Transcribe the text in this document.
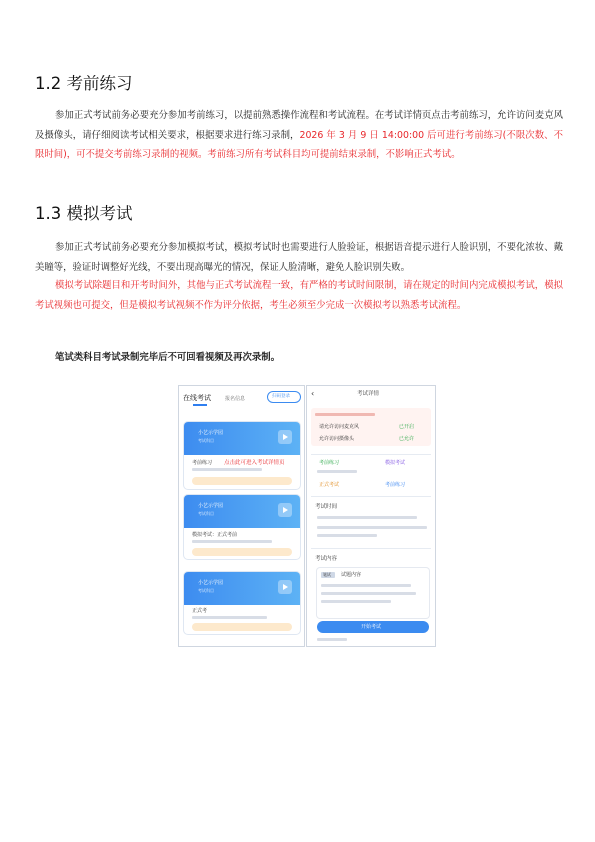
1.2 考前练习

参加正式考试前务必要充分参加考前练习，以提前熟悉操作流程和考试流程。在考试详情页点击考前练习，允许访问麦克风及摄像头，请仔细阅读考试相关要求，根据要求进行练习录制，2026 年 3 月 9 日 14:00:00 后可进行考前练习(不限次数、不限时间)，可不提交考前练习录制的视频。考前练习所有考试科目均可提前结束录制，不影响正式考试。

1.3 模拟考试

参加正式考试前务必要充分参加模拟考试，模拟考试时也需要进行人脸验证，根据语音提示进行人脸识别，不要化浓妆、戴美瞳等，验证时调整好光线，不要出现高曝光的情况，保证人脸清晰，避免人脸识别失败。

模拟考试除题目和开考时间外，其他与正式考试流程一致，有严格的考试时间限制，请在规定的时间内完成模拟考试，模拟考试视频也可提交，但是模拟考试视频不作为评分依据，考生必须至少完成一次模拟考以熟悉考试流程。

笔试类科目考试录制完毕后不可回看视频及再次录制。

在线考试	报名信息	扫码登录
小艺示学园
考试科目
考前练习 点击此可进入考试详情页
小艺示学园
考试科目
模拟考试：正式考前
小艺示学园
考试科目
正式考
‹	考试详情
请允许访问麦克风	已开启
允许访问摄像头	已允许
考前练习	模拟考试
正式考试	考前练习
考试时间
考试内容
笔试 试题内容
开始考试
